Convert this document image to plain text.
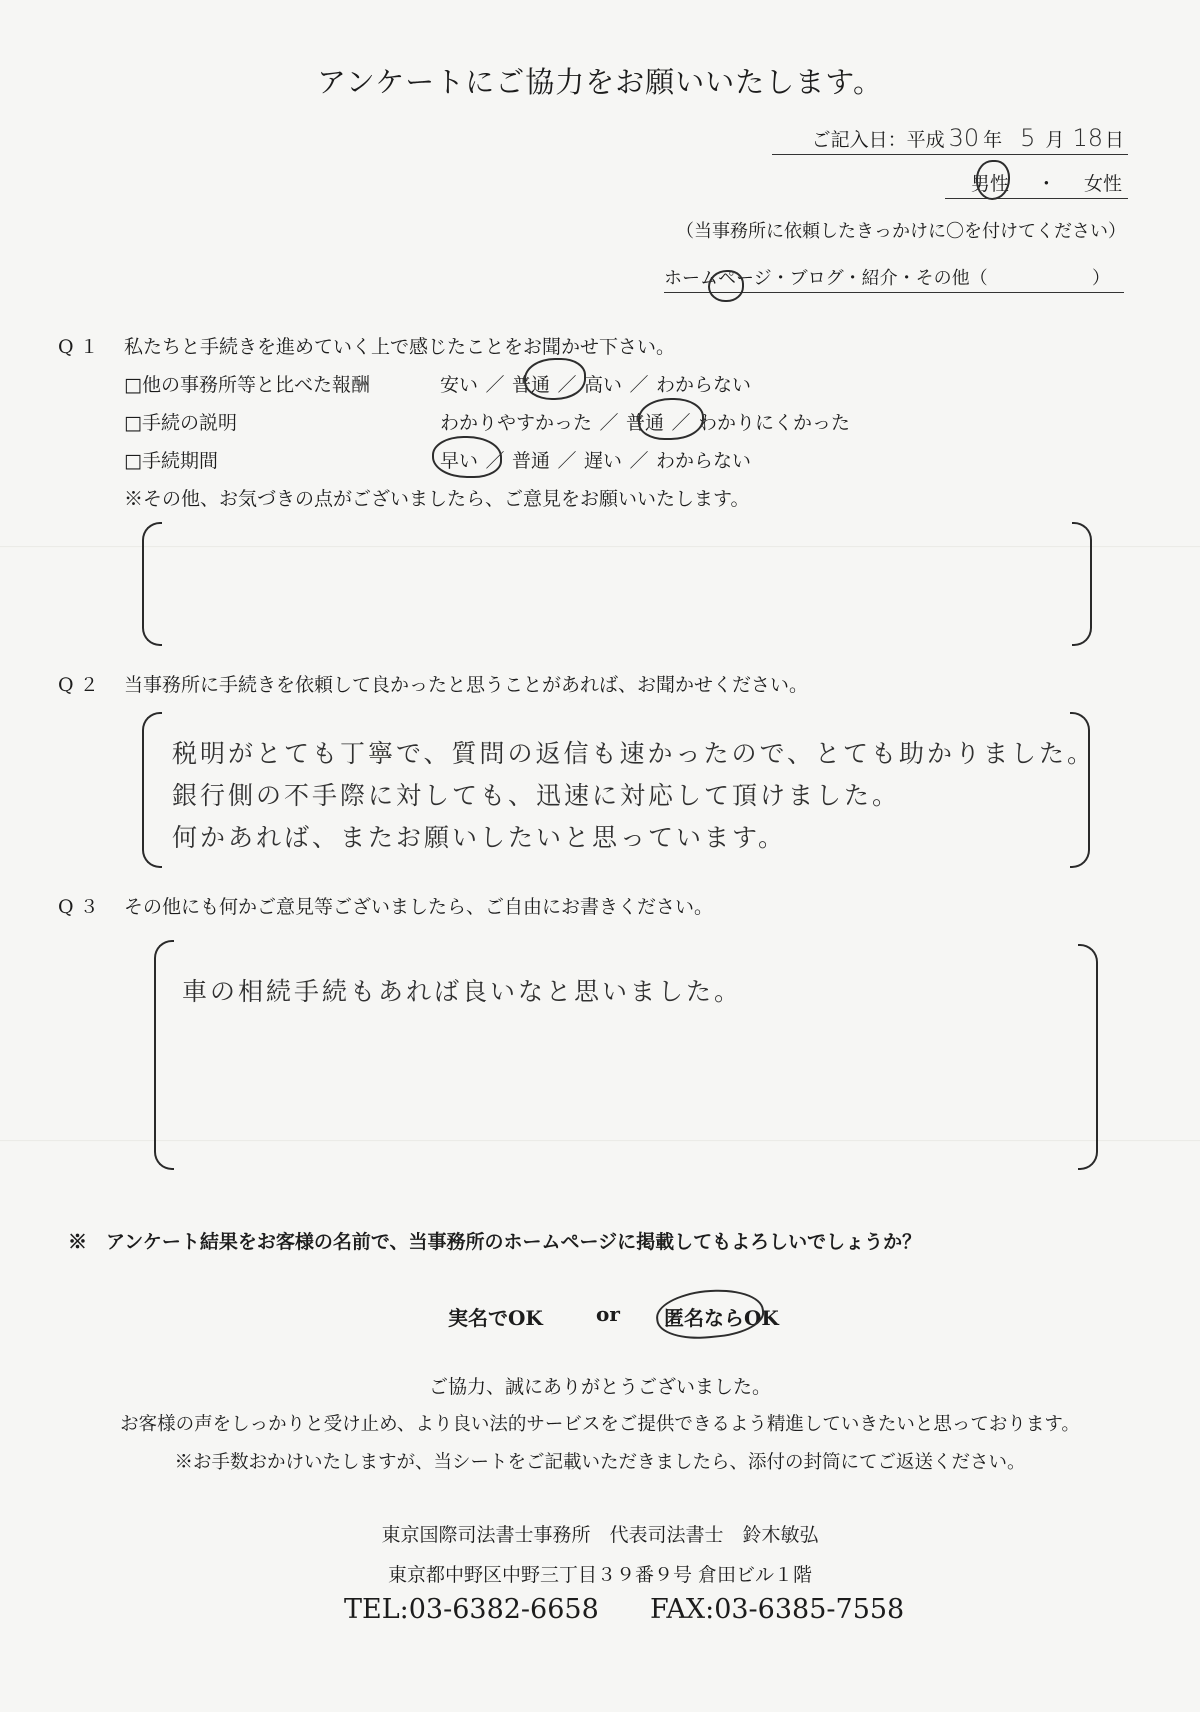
アンケートにご協力をお願いいたします。
ご記入日：平成 30 年 5 月 18 日
男性 ・ 女性
（当事務所に依頼したきっかけに〇を付けてください）
ホームページ・ブログ・紹介・その他（	）
Q１ 私たちと手続きを進めていく上で感じたことをお聞かせ下さい。
□他の事務所等と比べた報酬	安い ／ 普通 ／ 高い ／ わからない
□手続の説明	わかりやすかった ／ 普通 ／ わかりにくかった
□手続期間	早い ／ 普通 ／ 遅い ／ わからない
※その他、お気づきの点がございましたら、ご意見をお願いいたします。
Q２ 当事務所に手続きを依頼して良かったと思うことがあれば、お聞かせください。
税明がとても丁寧で、質問の返信も速かったので、とても助かりました。
銀行側の不手際に対しても、迅速に対応して頂けました。
何かあれば、またお願いしたいと思っています。
Q３ その他にも何かご意見等ございましたら、ご自由にお書きください。
車の相続手続もあれば良いなと思いました。
※　アンケート結果をお客様の名前で、当事務所のホームページに掲載してもよろしいでしょうか？
実名でOK	or 匿名ならOK
ご協力、誠にありがとうございました。
お客様の声をしっかりと受け止め、より良い法的サービスをご提供できるよう精進していきたいと思っております。
※お手数おかけいたしますが、当シートをご記載いただきましたら、添付の封筒にてご返送ください。
東京国際司法書士事務所　代表司法書士　鈴木敏弘
東京都中野区中野三丁目３９番９号 倉田ビル１階
TEL:03-6382-6658 FAX:03-6385-7558
